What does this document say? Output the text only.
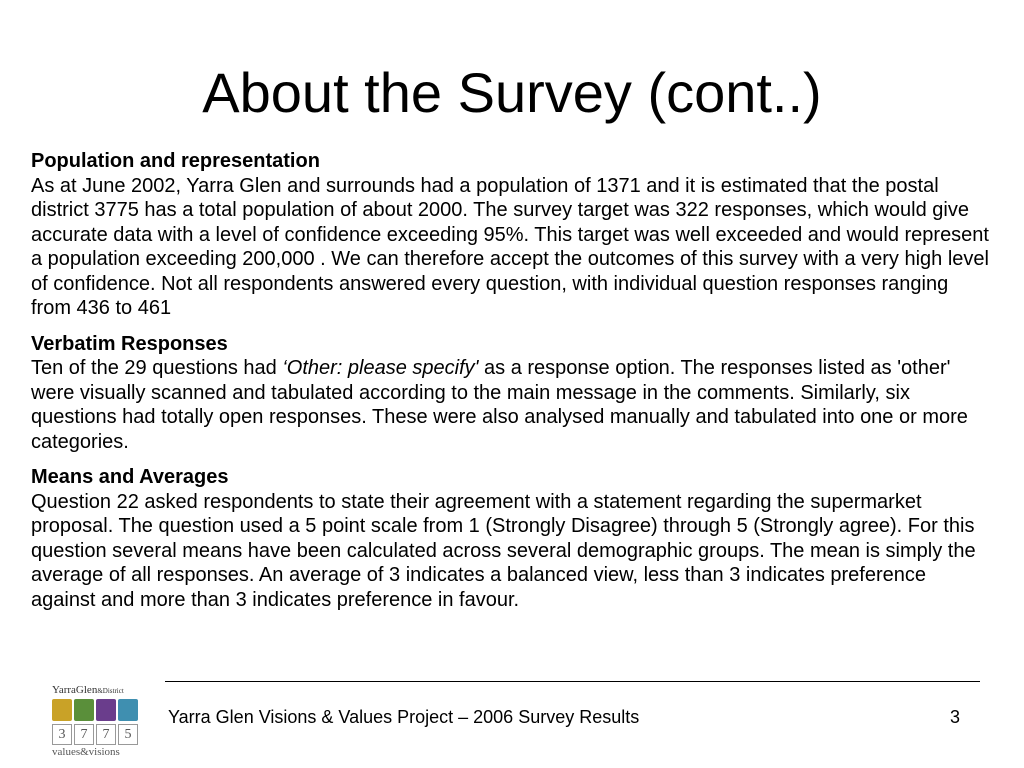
About the Survey (cont..)
Population and representation
As at June 2002, Yarra Glen and surrounds had a population of 1371 and it is estimated that the postal district 3775 has a total population of about 2000. The survey target was 322 responses, which would give accurate data with a level of confidence exceeding 95%. This target was well exceeded and would represent a population exceeding 200,000 . We can therefore accept the outcomes of this survey with a very high level of confidence. Not all respondents answered every question, with individual question responses ranging from 436 to 461
Verbatim Responses
Ten of the 29 questions had ‘Other: please specify' as a response option. The responses listed as 'other' were visually scanned and tabulated according to the main message in the comments. Similarly, six questions had totally open responses. These were also analysed manually and tabulated into one or more categories.
Means and Averages
Question 22 asked respondents to state their agreement with a statement regarding the supermarket proposal. The question used a 5 point scale from 1 (Strongly Disagree) through 5 (Strongly agree). For this question several means have been calculated across several demographic groups. The mean is simply the average of all responses. An average of 3 indicates a balanced view, less than 3 indicates preference against and more than 3 indicates preference in favour.
YarraGlen&District
3	7	7	5
values&visions
Yarra Glen Visions & Values Project – 2006 Survey Results	3
